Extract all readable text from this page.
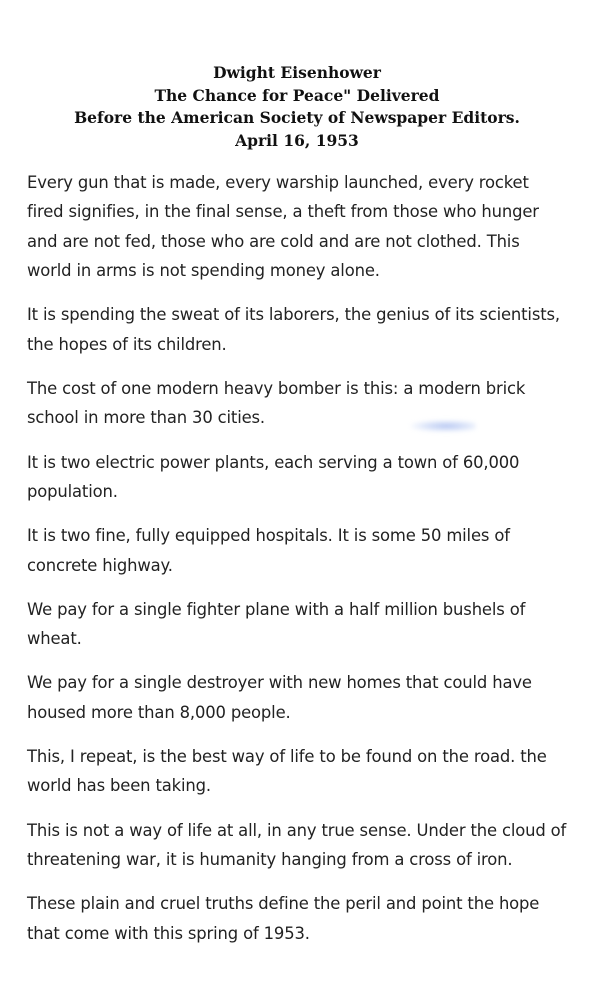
Dwight Eisenhower
The Chance for Peace" Delivered
Before the American Society of Newspaper Editors.
April 16, 1953

Every gun that is made, every warship launched, every rocket fired signifies, in the final sense, a theft from those who hunger and are not fed, those who are cold and are not clothed. This world in arms is not spending money alone.

It is spending the sweat of its laborers, the genius of its scientists, the hopes of its children.

The cost of one modern heavy bomber is this: a modern brick school in more than 30 cities.

It is two electric power plants, each serving a town of 60,000 population.

It is two fine, fully equipped hospitals. It is some 50 miles of concrete highway.

We pay for a single fighter plane with a half million bushels of wheat.

We pay for a single destroyer with new homes that could have housed more than 8,000 people.

This, I repeat, is the best way of life to be found on the road. the world has been taking.

This is not a way of life at all, in any true sense. Under the cloud of threatening war, it is humanity hanging from a cross of iron.

These plain and cruel truths define the peril and point the hope that come with this spring of 1953.
